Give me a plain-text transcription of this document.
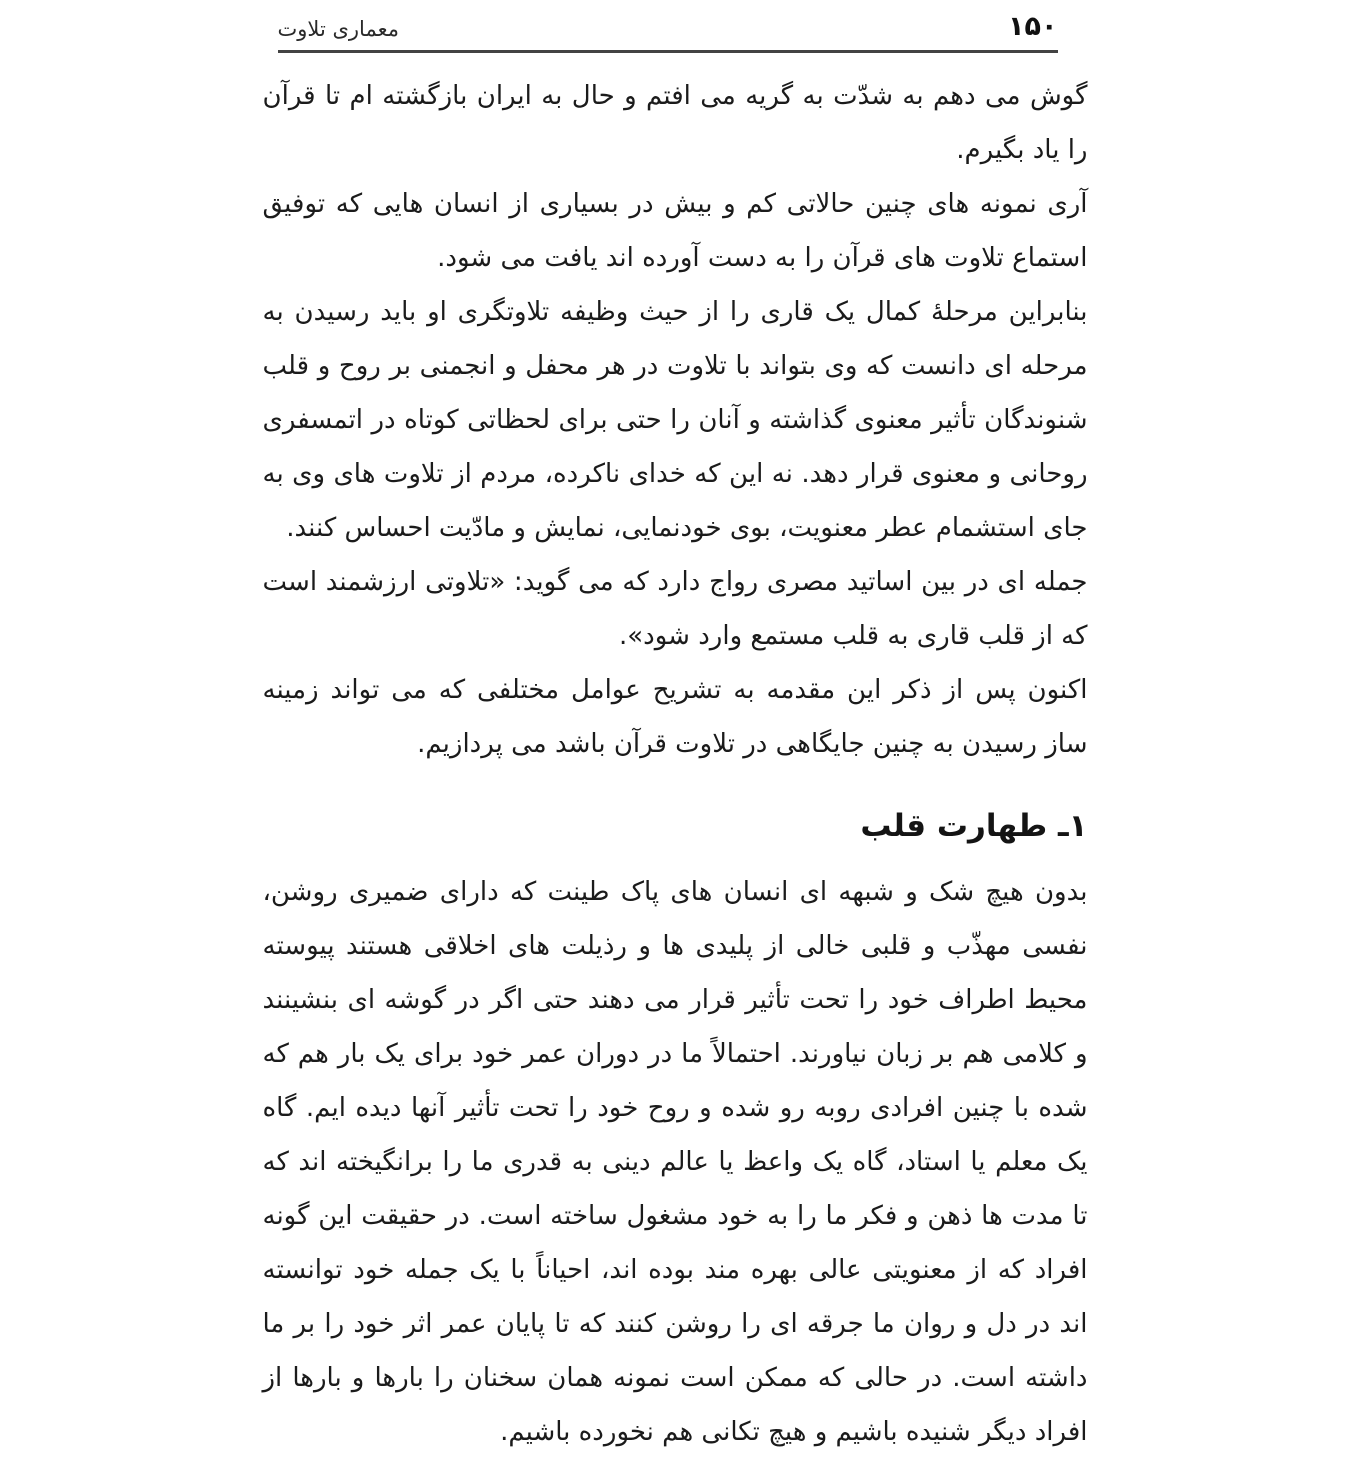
۱۵۰
معماری تلاوت

گوش می دهم به شدّت به گریه می افتم و حال به ایران بازگشته ام تا قرآن را یاد بگیرم.

آری نمونه های چنین حالاتی کم و بیش در بسیاری از انسان هایی که توفیق استماع تلاوت های قرآن را به دست آورده اند یافت می شود.

بنابراین مرحلۀ کمال یک قاری را از حیث وظیفه تلاوتگری او باید رسیدن به مرحله ای دانست که وی بتواند با تلاوت در هر محفل و انجمنی بر روح و قلب شنوندگان تأثیر معنوی گذاشته و آنان را حتی برای لحظاتی کوتاه در اتمسفری روحانی و معنوی قرار دهد. نه این که خدای ناکرده، مردم از تلاوت های وی به جای استشمام عطر معنویت، بوی خودنمایی، نمایش و مادّیت احساس کنند.

جمله ای در بین اساتید مصری رواج دارد که می گوید: «تلاوتی ارزشمند است که از قلب قاری به قلب مستمع وارد شود».

اکنون پس از ذکر این مقدمه به تشریح عوامل مختلفی که می تواند زمینه ساز رسیدن به چنین جایگاهی در تلاوت قرآن باشد می پردازیم.

۱ـ طهارت قلب

بدون هیچ شک و شبهه ای انسان های پاک طینت که دارای ضمیری روشن، نفسی مهذّب و قلبی خالی از پلیدی ها و رذیلت های اخلاقی هستند پیوسته محیط اطراف خود را تحت تأثیر قرار می دهند حتی اگر در گوشه ای بنشینند و کلامی هم بر زبان نیاورند. احتمالاً ما در دوران عمر خود برای یک بار هم که شده با چنین افرادی روبه رو شده و روح خود را تحت تأثیر آنها دیده ایم. گاه یک معلم یا استاد، گاه یک واعظ یا عالم دینی به قدری ما را برانگیخته اند که تا مدت ها ذهن و فکر ما را به خود مشغول ساخته است. در حقیقت این گونه افراد که از معنویتی عالی بهره مند بوده اند، احیاناً با یک جمله خود توانسته اند در دل و روان ما جرقه ای را روشن کنند که تا پایان عمر اثر خود را بر ما داشته است. در حالی که ممکن است نمونه همان سخنان را بارها و بارها از افراد دیگر شنیده باشیم و هیچ تکانی هم نخورده باشیم.
